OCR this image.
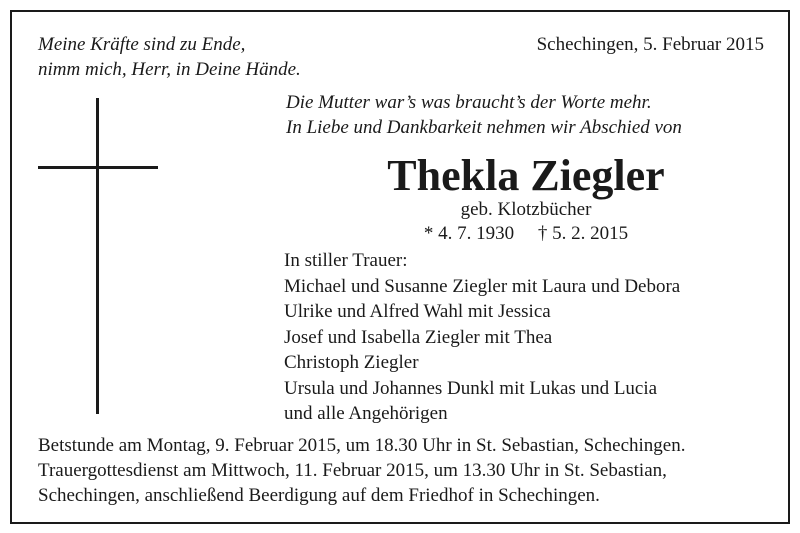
Meine Kräfte sind zu Ende,
nimm mich, Herr, in Deine Hände.
Schechingen, 5. Februar 2015
Die Mutter war’s was braucht’s der Worte mehr.
In Liebe und Dankbarkeit nehmen wir Abschied von
Thekla Ziegler
geb. Klotzbücher
* 4. 7. 1930 † 5. 2. 2015
In stiller Trauer:
Michael und Susanne Ziegler mit Laura und Debora
Ulrike und Alfred Wahl mit Jessica
Josef und Isabella Ziegler mit Thea
Christoph Ziegler
Ursula und Johannes Dunkl mit Lukas und Lucia
und alle Angehörigen
Betstunde am Montag, 9. Februar 2015, um 18.30 Uhr in St. Sebastian, Schechingen.
Trauergottesdienst am Mittwoch, 11. Februar 2015, um 13.30 Uhr in St. Sebastian,
Schechingen, anschließend Beerdigung auf dem Friedhof in Schechingen.
